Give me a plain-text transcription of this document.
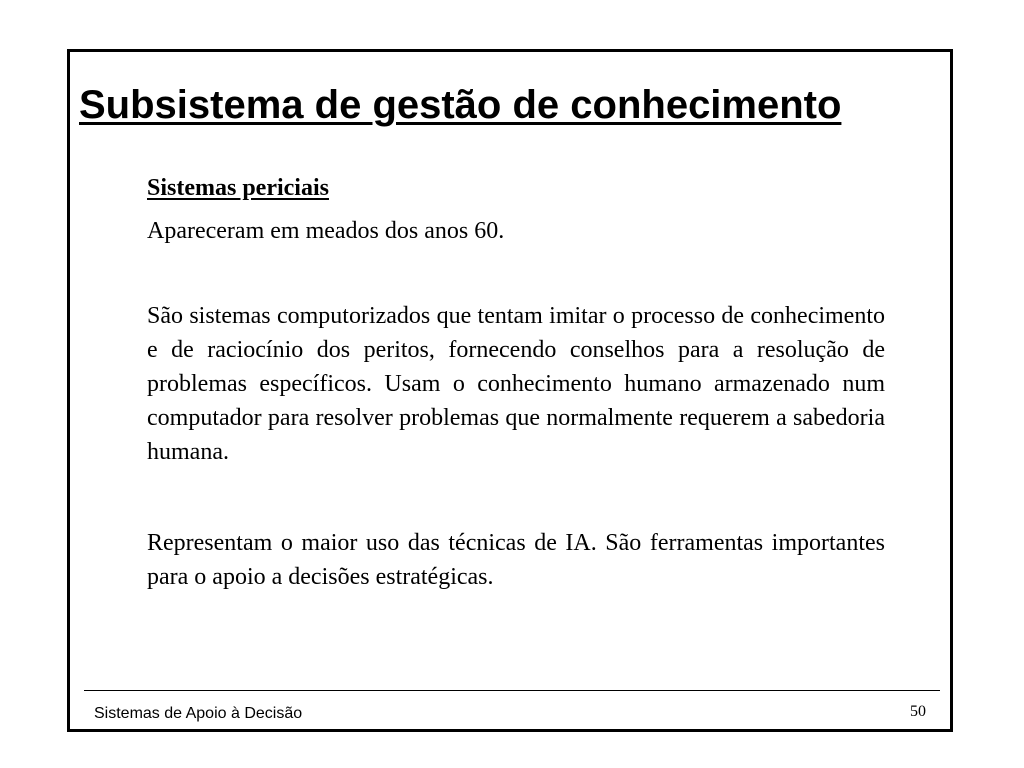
Subsistema de gestão de conhecimento
Sistemas periciais

Apareceram em meados dos anos 60.

São sistemas computorizados que tentam imitar o processo de conhecimento e de raciocínio dos peritos, fornecendo conselhos para a resolução de problemas específicos. Usam o conhecimento humano armazenado num computador para resolver problemas que normalmente requerem a sabedoria humana.

Representam o maior uso das técnicas de IA. São ferramentas importantes para o apoio a decisões estratégicas.

Sistemas de Apoio à Decisão	50
